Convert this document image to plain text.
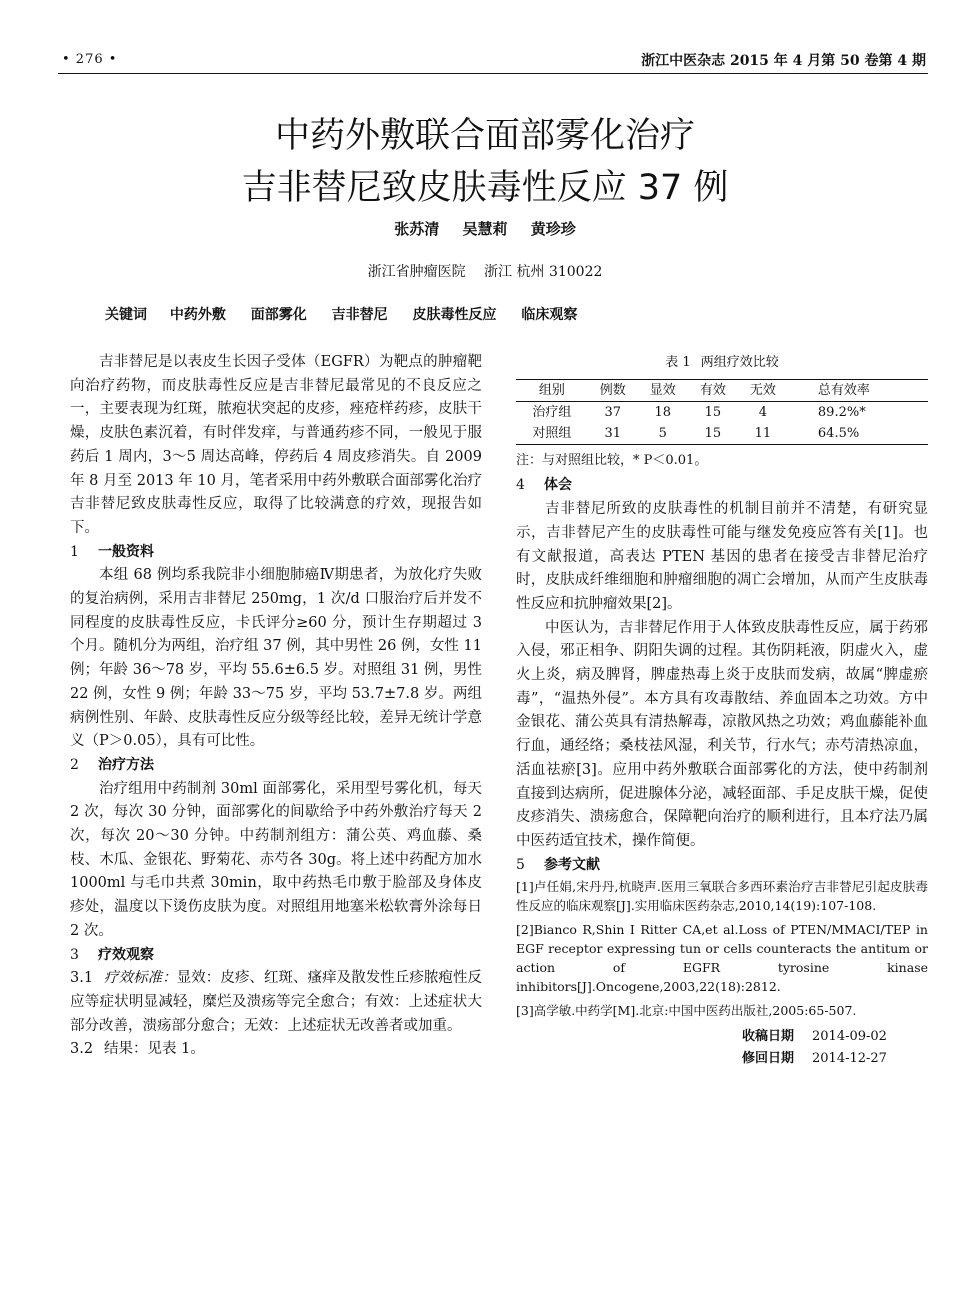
• 276 •	浙江中医杂志 2015 年 4 月第 50 卷第 4 期
中药外敷联合面部雾化治疗
吉非替尼致皮肤毒性反应 37 例
张苏清 吴慧莉 黄珍珍
浙江省肿瘤医院 浙江 杭州 310022
关键词 中药外敷 面部雾化 吉非替尼 皮肤毒性反应 临床观察

吉非替尼是以表皮生长因子受体（EGFR）为靶点的肿瘤靶向治疗药物，而皮肤毒性反应是吉非替尼最常见的不良反应之一，主要表现为红斑，脓疱状突起的皮疹，痤疮样药疹，皮肤干燥，皮肤色素沉着，有时伴发痒，与普通药疹不同，一般见于服药后 1 周内，3～5 周达高峰，停药后 4 周皮疹消失。自 2009 年 8 月至 2013 年 10 月，笔者采用中药外敷联合面部雾化治疗吉非替尼致皮肤毒性反应，取得了比较满意的疗效，现报告如下。

1 一般资料

本组 68 例均系我院非小细胞肺癌Ⅳ期患者，为放化疗失败的复治病例，采用吉非替尼 250mg，1 次/d 口服治疗后并发不同程度的皮肤毒性反应，卡氏评分≥60 分，预计生存期超过 3 个月。随机分为两组，治疗组 37 例，其中男性 26 例，女性 11 例；年龄 36～78 岁，平均 55.6±6.5 岁。对照组 31 例，男性 22 例，女性 9 例；年龄 33～75 岁，平均 53.7±7.8 岁。两组病例性别、年龄、皮肤毒性反应分级等经比较，差异无统计学意义（P＞0.05），具有可比性。

2 治疗方法

治疗组用中药制剂 30ml 面部雾化，采用型号雾化机，每天 2 次，每次 30 分钟，面部雾化的间歇给予中药外敷治疗每天 2 次，每次 20～30 分钟。中药制剂组方：蒲公英、鸡血藤、桑枝、木瓜、金银花、野菊花、赤芍各 30g。将上述中药配方加水 1000ml 与毛巾共煮 30min，取中药热毛巾敷于脸部及身体皮疹处，温度以下烫伤皮肤为度。对照组用地塞米松软膏外涂每日 2 次。

3 疗效观察

3.1 疗效标准：显效：皮疹、红斑、瘙痒及散发性丘疹脓疱性反应等症状明显减轻，糜烂及溃疡等完全愈合；有效：上述症状大部分改善，溃疡部分愈合；无效：上述症状无改善者或加重。

3.2 结果：见表 1。

表 1 两组疗效比较
组别	例数	显效	有效	无效	总有效率
治疗组	37	18	15	4	89.2%*
对照组	31	5	15	11	64.5%
注：与对照组比较，* P＜0.01。
4 体会

吉非替尼所致的皮肤毒性的机制目前并不清楚，有研究显示，吉非替尼产生的皮肤毒性可能与继发免疫应答有关[1]。也有文献报道，高表达 PTEN 基因的患者在接受吉非替尼治疗时，皮肤成纤维细胞和肿瘤细胞的凋亡会增加，从而产生皮肤毒性反应和抗肿瘤效果[2]。

中医认为，吉非替尼作用于人体致皮肤毒性反应，属于药邪入侵，邪正相争、阴阳失调的过程。其伤阴耗液，阴虚火入，虚火上炎，病及脾肾，脾虚热毒上炎于皮肤而发病，故属“脾虚瘀毒”，“温热外侵”。本方具有攻毒散结、养血固本之功效。方中金银花、蒲公英具有清热解毒，凉散风热之功效；鸡血藤能补血行血，通经络；桑枝祛风湿，利关节，行水气；赤芍清热凉血，活血祛瘀[3]。应用中药外敷联合面部雾化的方法，使中药制剂直接到达病所，促进腺体分泌，减轻面部、手足皮肤干燥，促使皮疹消失、溃疡愈合，保障靶向治疗的顺利进行，且本疗法乃属中医药适宜技术，操作简便。

5 参考文献
[1]卢任娟,宋丹丹,杭晓声.医用三氧联合多西环素治疗吉非替尼引起皮肤毒性反应的临床观察[J].实用临床医药杂志,2010,14(19):107-108.
[2]Bianco R,Shin I Ritter CA,et al.Loss of PTEN/MMACI/TEP in EGF receptor expressing tun or cells counteracts the antitum or action of EGFR tyrosine kinase inhibitors[J].Oncogene,2003,22(18):2812.
[3]高学敏.中药学[M].北京:中国中医药出版社,2005:65-507.
收稿日期 2014-09-02
修回日期 2014-12-27
